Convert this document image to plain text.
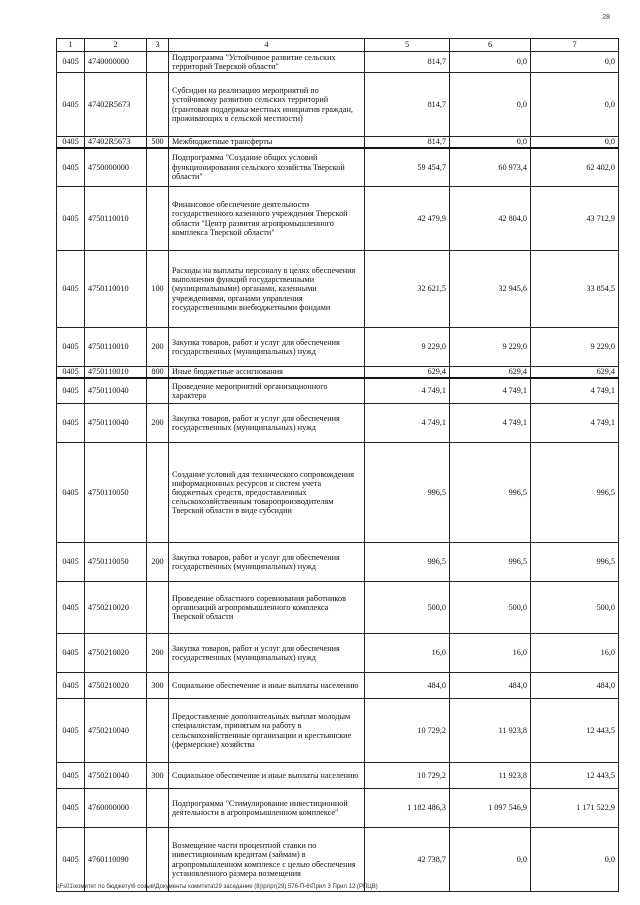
28
1	2	3	4	5	6	7
0405	4740000000		Подпрограмма "Устойчивое развитие сельских территорий Тверской области"	814,7	0,0	0,0
0405	47402R5673		Субсидии на реализацию мероприятий по устойчивому развитию сельских территорий (грантовая поддержка местных инициатив граждан, проживающих в сельской местности)	814,7	0,0	0,0
0405	47402R5673	500	Межбюджетные трансферты	814,7	0,0	0,0
0405	4750000000		Подпрограмма "Создание общих условий функционирования сельского хозяйства Тверской области"	59 454,7	60 973,4	62 402,0
0405	4750110010		Финансовое обеспечение деятельности государственного казенного учреждения Тверской области "Центр развития агропромышленного комплекса Тверской области"	42 479,9	42 804,0	43 712,9
0405	4750110010	100	Расходы на выплаты персоналу в целях обеспечения выполнения функций государственными (муниципальными) органами, казенными учреждениями, органами управления государственными внебюджетными фондами	32 621,5	32 945,6	33 854,5
0405	4750110010	200	Закупка товаров, работ и услуг для обеспечения государственных (муниципальных) нужд	9 229,0	9 229,0	9 229,0
0405	4750110010	800	Иные бюджетные ассигнования	629,4	629,4	629,4
0405	4750110040		Проведение мероприятий организационного характера	4 749,1	4 749,1	4 749,1
0405	4750110040	200	Закупка товаров, работ и услуг для обеспечения государственных (муниципальных) нужд	4 749,1	4 749,1	4 749,1
0405	4750110050		Создание условий для технического сопровождения информационных ресурсов и систем учета бюджетных средств, предоставленных сельскохозяйственным товаропроизводителям Тверской области в виде субсидии	996,5	996,5	996,5
0405	4750110050	200	Закупка товаров, работ и услуг для обеспечения государственных (муниципальных) нужд	996,5	996,5	996,5
0405	4750210020		Проведение областного соревнования работников организаций агропромышленного комплекса Тверской области	500,0	500,0	500,0
0405	4750210020	200	Закупка товаров, работ и услуг для обеспечения государственных (муниципальных) нужд	16,0	16,0	16,0
0405	4750210020	300	Социальное обеспечение и иные выплаты населению	484,0	484,0	484,0
0405	4750210040		Предоставление дополнительных выплат молодым специалистам, принятым на работу в сельскохозяйственные организации и крестьянские (фермерские) хозяйства	10 729,2	11 923,8	12 443,5
0405	4750210040	300	Социальное обеспечение и иные выплаты населению	10 729,2	11 923,8	12 443,5
0405	4760000000		Подпрограмма "Стимулирование инвестиционной деятельности в агропромышленном комплексе"	1 182 486,3	1 097 546,9	1 171 522,9
0405	4760110090		Возмещение части процентной ставки по инвестиционным кредитам (займам) в агропромышленном комплексе с целью обеспечения установленного размера возмещения	42 738,7	0,0	0,0
\\Fs01\комитет по бюджету\6 созыв\Документы комитета\29 заседание (8)\pr\pr(29) 576-П-6\Прил 3 Прил 12 (РПЦВ)
